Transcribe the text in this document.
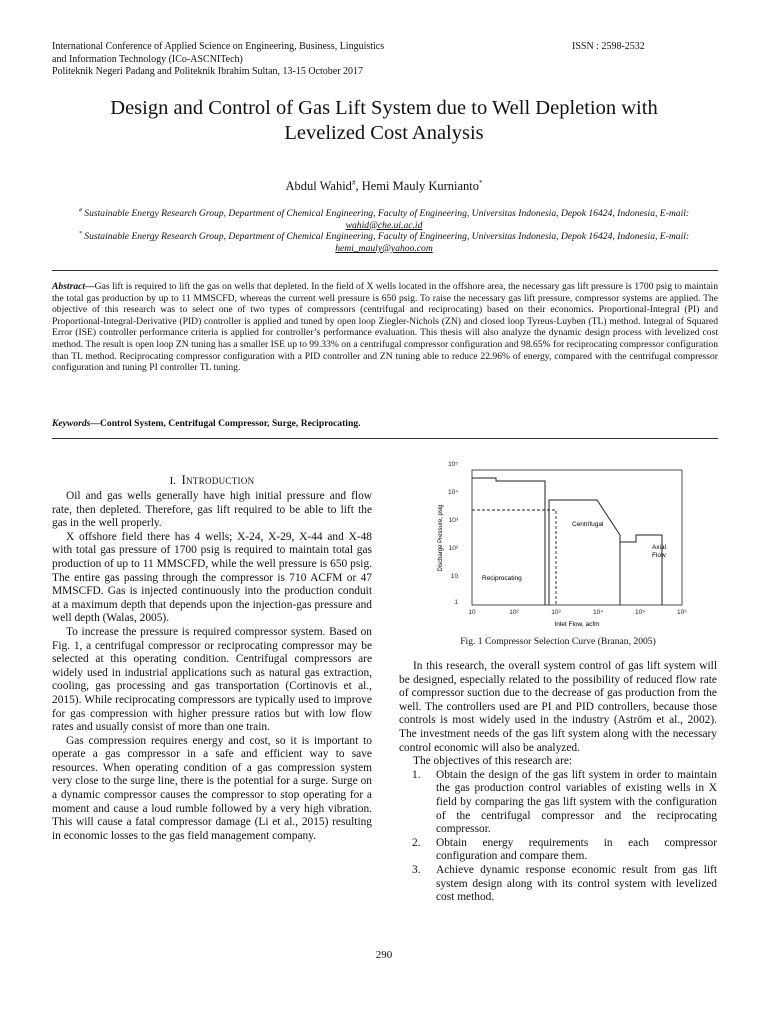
International Conference of Applied Science on Engineering, Business, Linguistics
and Information Technology (ICo-ASCNITech)
Politeknik Negeri Padang and Politeknik Ibrahim Sultan, 13-15 October 2017
ISSN : 2598-2532
Design and Control of Gas Lift System due to Well Depletion with
Levelized Cost Analysis
Abdul Wahid#, Hemi Mauly Kurnianto*
# Sustainable Energy Research Group, Department of Chemical Engineering, Faculty of Engineering, Universitas Indonesia, Depok 16424, Indonesia, E-mail: wahid@che.ui.ac.id
* Sustainable Energy Research Group, Department of Chemical Engineering, Faculty of Engineering, Universitas Indonesia, Depok 16424, Indonesia, E-mail: hemi_mauly@yahoo.com
Abstract—Gas lift is required to lift the gas on wells that depleted. In the field of X wells located in the offshore area, the necessary gas lift pressure is 1700 psig to maintain the total gas production by up to 11 MMSCFD, whereas the current well pressure is 650 psig. To raise the necessary gas lift pressure, compressor systems are applied. The objective of this research was to select one of two types of compressors (centrifugal and reciprocating) based on their economics. Proportional-Integral (PI) and Proportional-Integral-Derivative (PID) controller is applied and tuned by open loop Ziegler-Nichols (ZN) and closed loop Tyreus-Luyben (TL) method. Integral of Squared Error (ISE) controller performance criteria is applied for controller’s performance evaluation. This thesis will also analyze the dynamic design process with levelized cost method. The result is open loop ZN tuning has a smaller ISE up to 99.33% on a centrifugal compressor configuration and 98.65% for reciprocating compressor configuration than TL method. Reciprocating compressor configuration with a PID controller and ZN tuning able to reduce 22.96% of energy, compared with the centrifugal compressor configuration and tuning PI controller TL tuning.
Keywords—Control System, Centrifugal Compressor, Surge, Reciprocating.
I. INTRODUCTION

Oil and gas wells generally have high initial pressure and flow rate, then depleted. Therefore, gas lift required to be able to lift the gas in the well properly.

X offshore field there has 4 wells; X-24, X-29, X-44 and X-48 with total gas pressure of 1700 psig is required to maintain total gas production of up to 11 MMSCFD, while the well pressure is 650 psig. The entire gas passing through the compressor is 710 ACFM or 47 MMSCFD. Gas is injected continuously into the production conduit at a maximum depth that depends upon the injection-gas pressure and well depth (Walas, 2005).

To increase the pressure is required compressor system. Based on Fig. 1, a centrifugal compressor or reciprocating compressor may be selected at this operating condition. Centrifugal compressors are widely used in industrial applications such as natural gas extraction, cooling, gas processing and gas transportation (Cortinovis et al., 2015). While reciprocating compressors are typically used to improve for gas compression with higher pressure ratios but with low flow rates and usually consist of more than one train.

Gas compression requires energy and cost, so it is important to operate a gas compressor in a safe and efficient way to save resources. When operating condition of a gas compression system very close to the surge line, there is the potential for a surge. Surge on a dynamic compressor causes the compressor to stop operating for a moment and cause a loud rumble followed by a very high vibration. This will cause a fatal compressor damage (Li et al., 2015) resulting in economic losses to the gas field management company.

10⁵
10⁴
10³
10²
10
1
10	10²	10³	10⁴	10⁵	10⁶
Discharge Pressure, psig
Inlet Flow, acfm
Centrifugal
Axial
Flow
Reciprocating
Fig. 1 Compressor Selection Curve (Branan, 2005)

In this research, the overall system control of gas lift system will be designed, especially related to the possibility of reduced flow rate of compressor suction due to the decrease of gas production from the well. The controllers used are PI and PID controllers, because those controls is most widely used in the industry (Aström et al., 2002). The investment needs of the gas lift system along with the necessary control economic will also be analyzed.

The objectives of this research are:

1. Obtain the design of the gas lift system in order to maintain the gas production control variables of existing wells in X field by comparing the gas lift system with the configuration of the centrifugal compressor and the reciprocating compressor.
2. Obtain energy requirements in each compressor configuration and compare them.
3. Achieve dynamic response economic result from gas lift system design along with its control system with levelized cost method.
290
